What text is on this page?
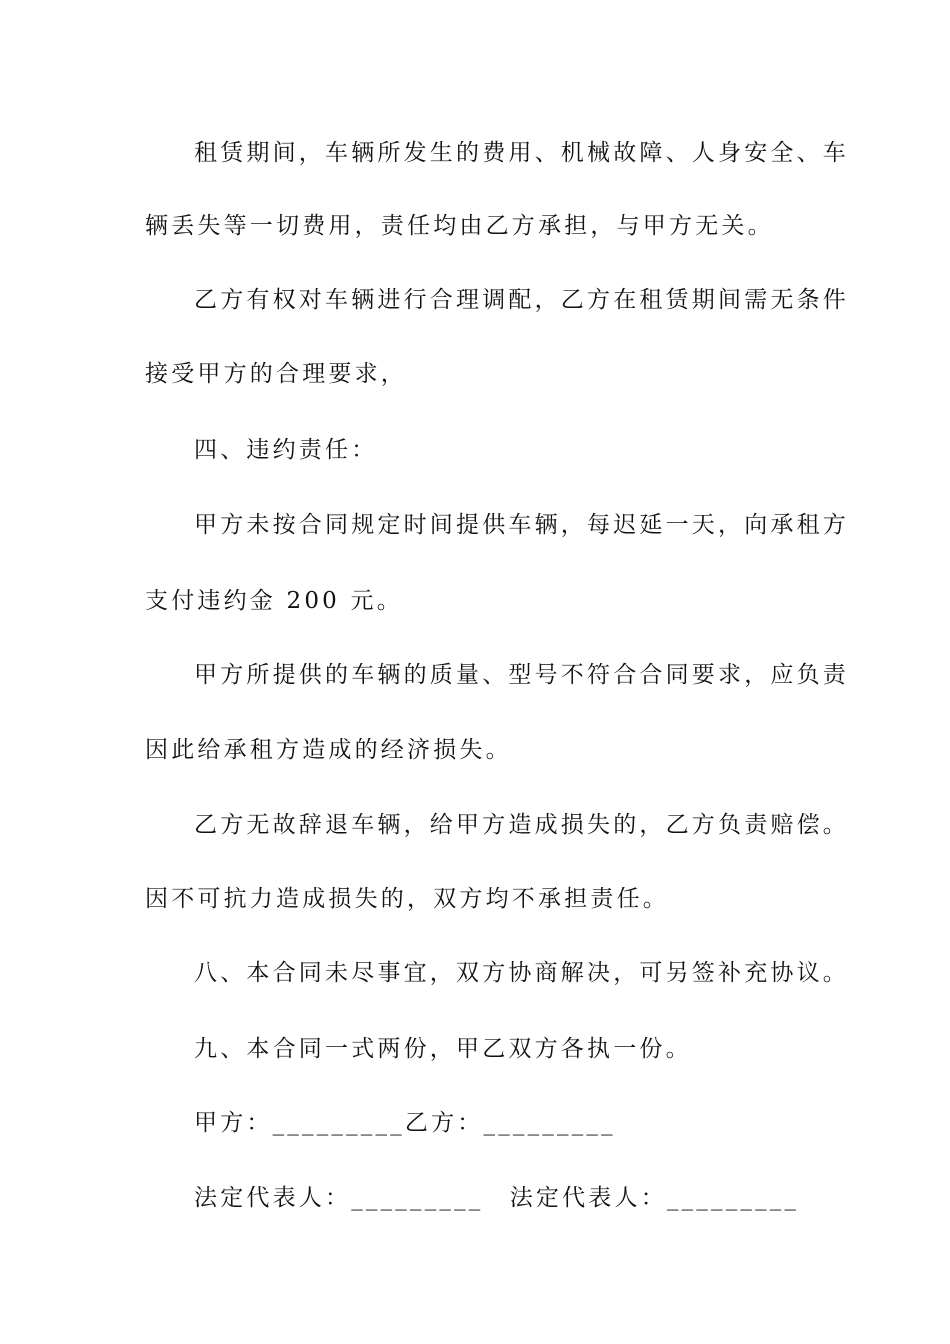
租赁期间，车辆所发生的费用、机械故障、人身安全、车
辆丢失等一切费用，责任均由乙方承担，与甲方无关。
乙方有权对车辆进行合理调配，乙方在租赁期间需无条件
接受甲方的合理要求，
四、违约责任：
甲方未按合同规定时间提供车辆，每迟延一天，向承租方
支付违约金 200 元。
甲方所提供的车辆的质量、型号不符合合同要求，应负责
因此给承租方造成的经济损失。
乙方无故辞退车辆，给甲方造成损失的，乙方负责赔偿。
因不可抗力造成损失的，双方均不承担责任。
八、本合同未尽事宜，双方协商解决，可另签补充协议。
九、本合同一式两份，甲乙双方各执一份。
甲方：_________乙方：_________
法定代表人：_________　法定代表人：_________
